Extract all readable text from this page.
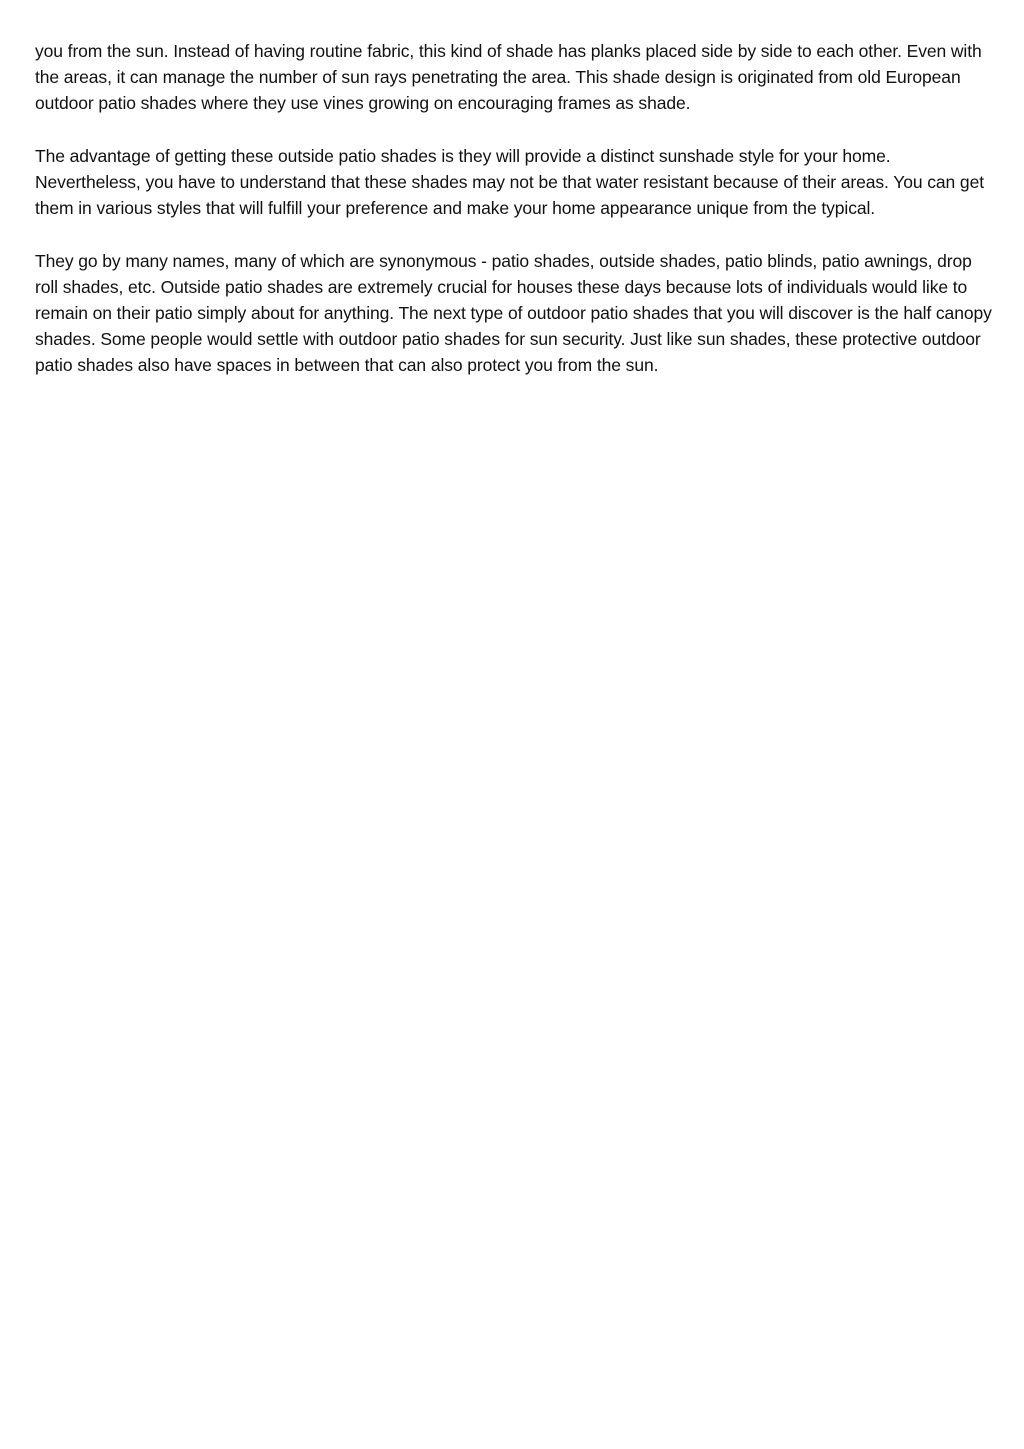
you from the sun. Instead of having routine fabric, this kind of shade has planks placed side by side to each other. Even with the areas, it can manage the number of sun rays penetrating the area. This shade design is originated from old European outdoor patio shades where they use vines growing on encouraging frames as shade.

The advantage of getting these outside patio shades is they will provide a distinct sunshade style for your home. Nevertheless, you have to understand that these shades may not be that water resistant because of their areas. You can get them in various styles that will fulfill your preference and make your home appearance unique from the typical.

They go by many names, many of which are synonymous - patio shades, outside shades, patio blinds, patio awnings, drop roll shades, etc. Outside patio shades are extremely crucial for houses these days because lots of individuals would like to remain on their patio simply about for anything. The next type of outdoor patio shades that you will discover is the half canopy shades. Some people would settle with outdoor patio shades for sun security. Just like sun shades, these protective outdoor patio shades also have spaces in between that can also protect you from the sun.
